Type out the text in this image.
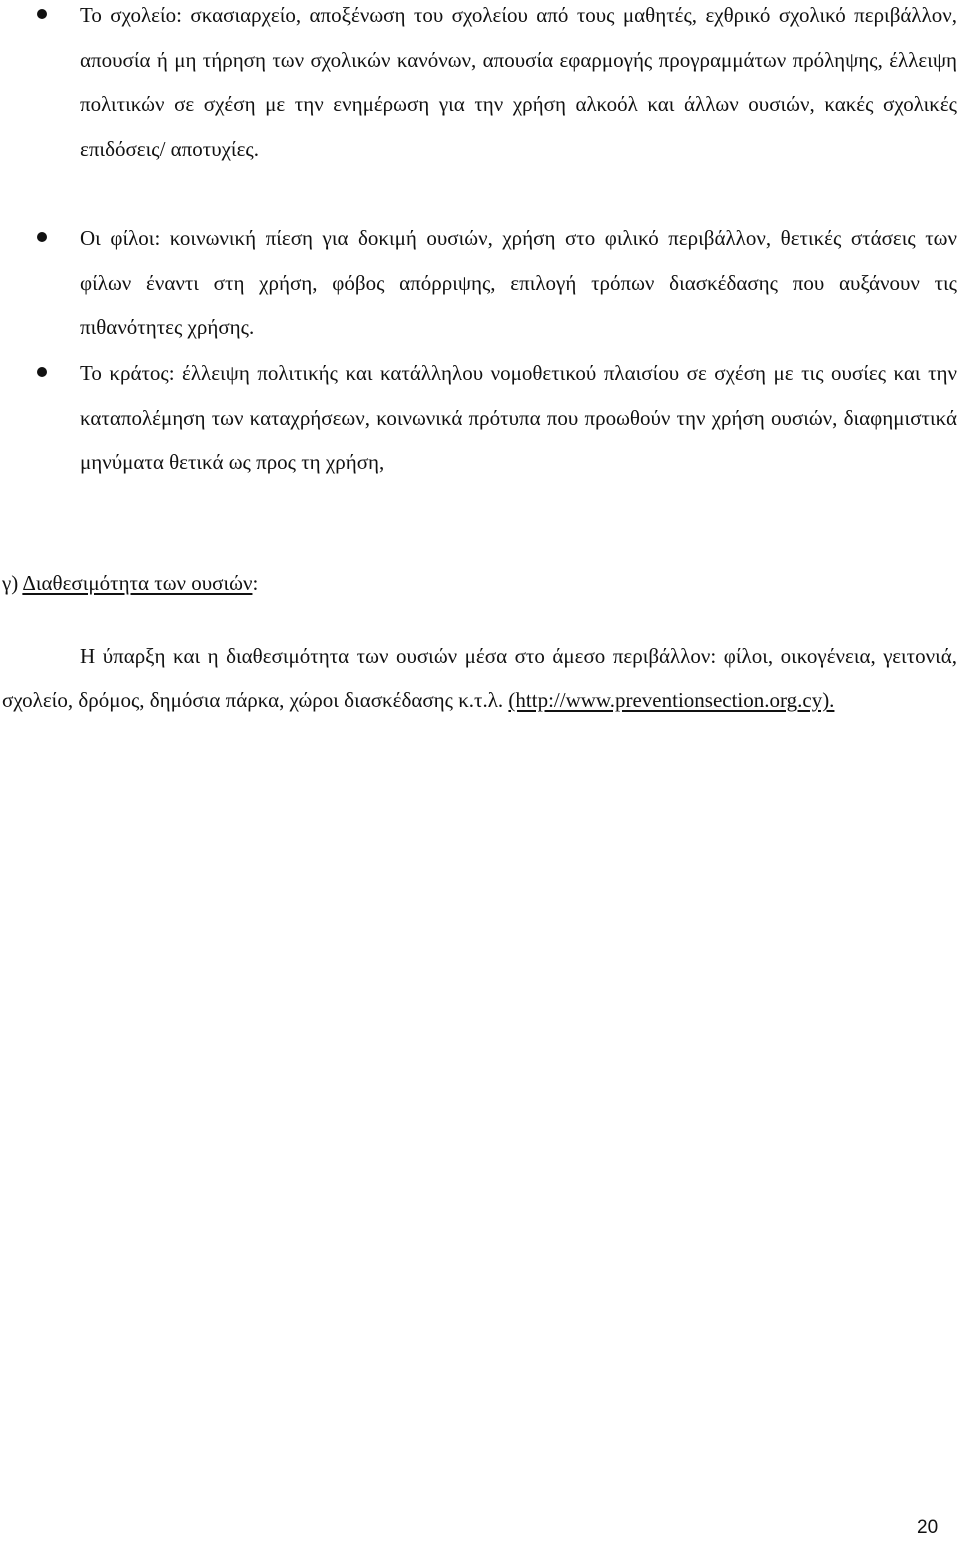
Το σχολείο: σκασιαρχείο, αποξένωση του σχολείου από τους μαθητές, εχθρικό σχολικό περιβάλλον, απουσία ή μη τήρηση των σχολικών κανόνων, απουσία εφαρμογής προγραμμάτων πρόληψης, έλλειψη πολιτικών σε σχέση με την ενημέρωση για την χρήση αλκοόλ και άλλων ουσιών, κακές σχολικές επιδόσεις/ αποτυχίες.
Οι φίλοι: κοινωνική πίεση για δοκιμή ουσιών, χρήση στο φιλικό περιβάλλον, θετικές στάσεις των φίλων έναντι στη χρήση, φόβος απόρριψης, επιλογή τρόπων διασκέδασης που αυξάνουν τις πιθανότητες χρήσης.
Το κράτος: έλλειψη πολιτικής και κατάλληλου νομοθετικού πλαισίου σε σχέση με τις ουσίες και την καταπολέμηση των καταχρήσεων, κοινωνικά πρότυπα που προωθούν την χρήση ουσιών, διαφημιστικά μηνύματα θετικά ως προς τη χρήση,
γ) Διαθεσιμότητα των ουσιών:

Η ύπαρξη και η διαθεσιμότητα των ουσιών μέσα στο άμεσο περιβάλλον: φίλοι, οικογένεια, γειτονιά, σχολείο, δρόμος, δημόσια πάρκα, χώροι διασκέδασης κ.τ.λ. (http://www.preventionsection.org.cy).

20
